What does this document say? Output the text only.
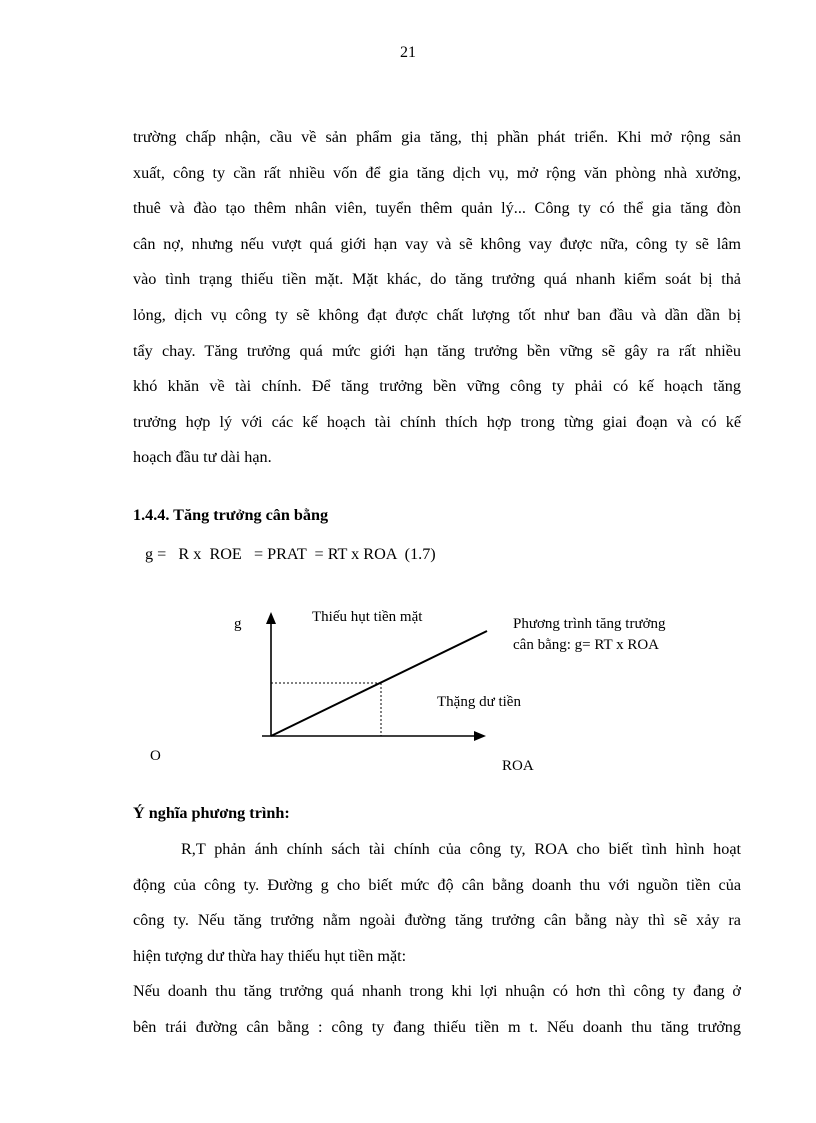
21
trường chấp nhận, cầu về sản phẩm gia tăng, thị phần phát triển. Khi mở rộng sản
xuất, công ty cần rất nhiều vốn để gia tăng dịch vụ, mở rộng văn phòng nhà xưởng,
thuê và đào tạo thêm nhân viên, tuyển thêm quản lý... Công ty có thể gia tăng đòn
cân nợ, nhưng nếu vượt quá giới hạn vay và sẽ không vay được nữa, công ty sẽ lâm
vào tình trạng thiếu tiền mặt. Mặt khác, do tăng trưởng quá nhanh kiểm soát bị thả
lỏng, dịch vụ công ty sẽ không đạt được chất lượng tốt như ban đầu và dần dần bị
tẩy chay. Tăng trưởng quá mức giới hạn tăng trưởng bền vững sẽ gây ra rất nhiều
khó khăn về tài chính. Để tăng trưởng bền vững công ty phải có kế hoạch tăng
trưởng hợp lý với các kế hoạch tài chính thích hợp trong từng giai đoạn và có kế
hoạch đầu tư dài hạn.
1.4.4. Tăng trưởng cân bằng
g =   R x  ROE   = PRAT  = RT x ROA  (1.7)
g	Thiếu hụt tiền mặt	Phương trình tăng trưởng
cân bằng: g= RT x ROA
Thặng dư tiền
O
ROA
Ý nghĩa phương trình:
R,T phản ánh chính sách tài chính của công ty, ROA cho biết tình hình hoạt
động của công ty. Đường g cho biết mức độ cân bằng doanh thu với nguồn tiền của
công ty. Nếu tăng trưởng nằm ngoài đường tăng trưởng cân bằng này thì sẽ xảy ra
hiện tượng dư thừa hay thiếu hụt tiền mặt:
Nếu doanh thu tăng trưởng quá nhanh trong khi lợi nhuận có hơn thì công ty đang ở
bên trái đường cân bằng : công ty đang thiếu tiền m t. Nếu doanh thu tăng trưởng
